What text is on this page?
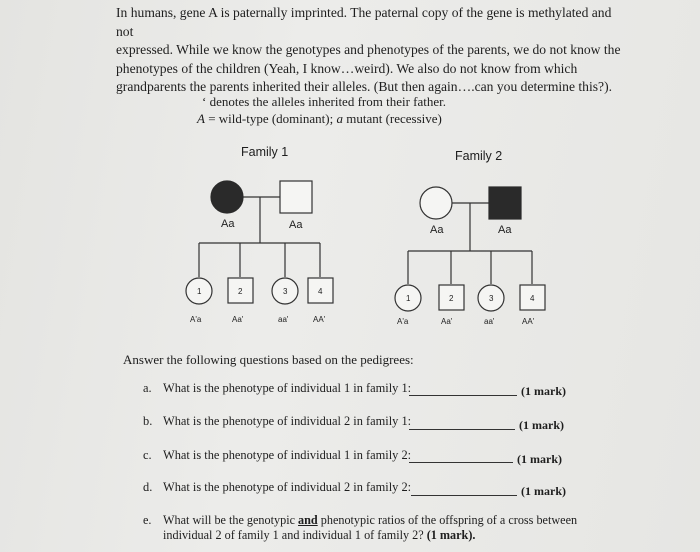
In humans, gene A is paternally imprinted. The paternal copy of the gene is methylated and not
expressed. While we know the genotypes and phenotypes of the parents, we do not know the
phenotypes of the children (Yeah, I know…weird). We also do not know from which
grandparents the parents inherited their alleles. (But then again….can you determine this?).
‘ denotes the alleles inherited from their father.
A = wild-type (dominant); a mutant (recessive)
Family 1	Family 2
Aa	Aa
1	2	3	4
A'a	Aa'	aa'	AA'
Aa	Aa
1	2	3	4
A'a	Aa'	aa'	AA'
Answer the following questions based on the pedigrees:
a. What is the phenotype of individual 1 in family 1:	(1 mark)
b. What is the phenotype of individual 2 in family 1:	(1 mark)
c. What is the phenotype of individual 1 in family 2:	(1 mark)
d. What is the phenotype of individual 2 in family 2:	(1 mark)
e. What will be the genotypic and phenotypic ratios of the offspring of a cross between
individual 2 of family 1 and individual 1 of family 2? (1 mark).
